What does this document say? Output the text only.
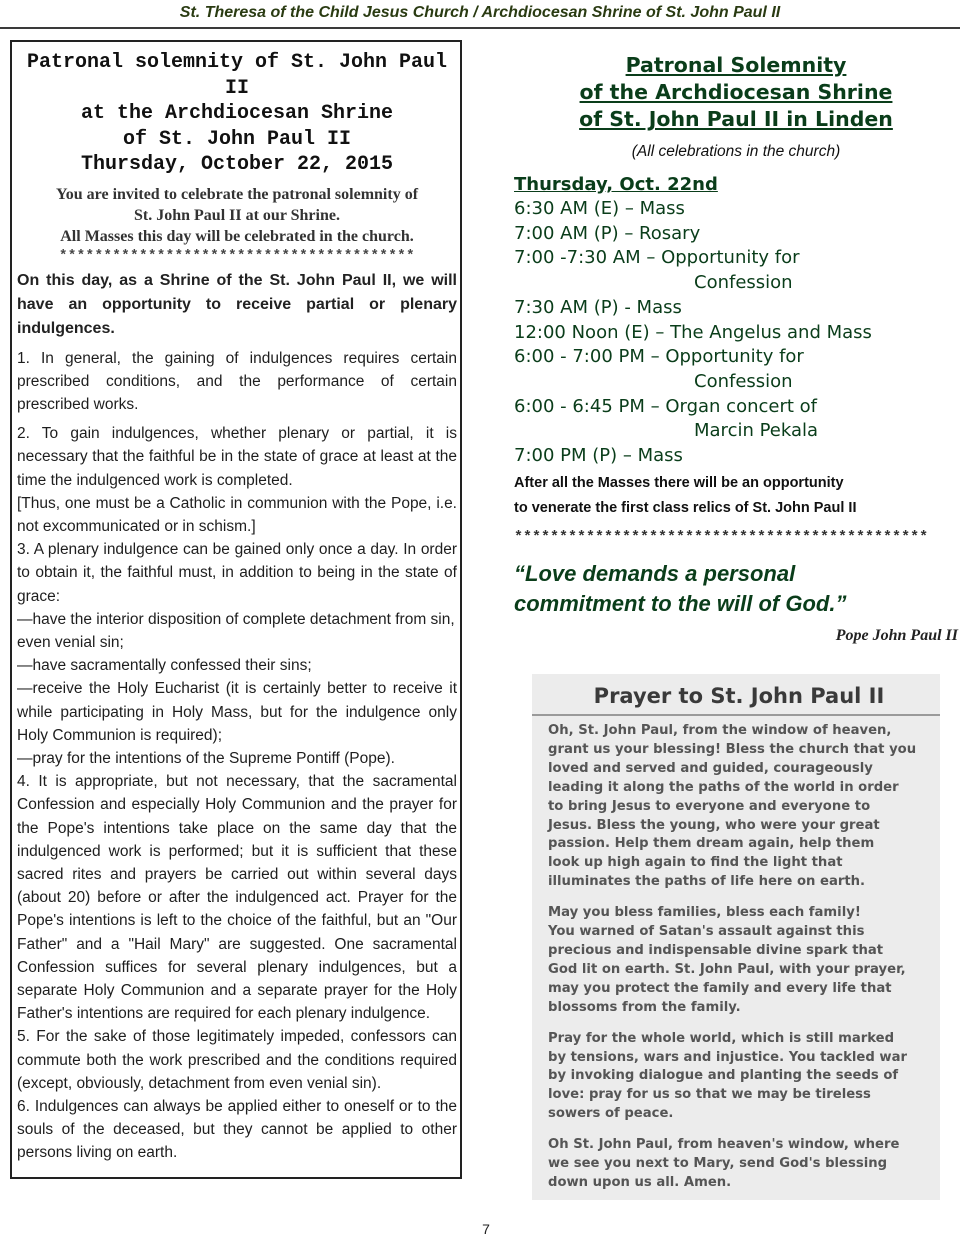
St. Theresa of the Child Jesus Church / Archdiocesan Shrine of St. John Paul II

Patronal solemnity of St. John Paul II

at the Archdiocesan Shrine

of St. John Paul II

Thursday, October 22, 2015

You are invited to celebrate the patronal solemnity of

St. John Paul II at our Shrine.

All Masses this day will be celebrated in the church.

****************************************

On this day, as a Shrine of the St. John Paul II, we will have an opportunity to receive partial or plenary indulgences.

1. In general, the gaining of indulgences requires certain prescribed conditions, and the performance of certain prescribed works.

2. To gain indulgences, whether plenary or partial, it is necessary that the faithful be in the state of grace at least at the time the indulgenced work is completed.

[Thus, one must be a Catholic in communion with the Pope, i.e. not excommunicated or in schism.]

3. A plenary indulgence can be gained only once a day. In order to obtain it, the faithful must, in addition to being in the state of grace:

—have the interior disposition of complete detachment from sin, even venial sin;

—have sacramentally confessed their sins;

—receive the Holy Eucharist (it is certainly better to receive it while participating in Holy Mass, but for the indulgence only Holy Communion is required);

—pray for the intentions of the Supreme Pontiff (Pope).

4. It is appropriate, but not necessary, that the sacramental Confession and especially Holy Communion and the prayer for the Pope's intentions take place on the same day that the indulgenced work is performed; but it is sufficient that these sacred rites and prayers be carried out within several days (about 20) before or after the indulgenced act. Prayer for the Pope's intentions is left to the choice of the faithful, but an "Our Father" and a "Hail Mary" are suggested. One sacramental Confession suffices for several plenary indulgences, but a separate Holy Communion and a separate prayer for the Holy Father's intentions are required for each plenary indulgence.

5. For the sake of those legitimately impeded, confessors can commute both the work prescribed and the conditions required (except, obviously, detachment from even venial sin).

6. Indulgences can always be applied either to oneself or to the souls of the deceased, but they cannot be applied to other persons living on earth.

Patronal Solemnity

of the Archdiocesan Shrine

of St. John Paul II in Linden

(All celebrations in the church)

Thursday, Oct. 22nd

6:30 AM (E) – Mass

7:00 AM (P) – Rosary

7:00 -7:30 AM – Opportunity for

Confession

7:30 AM (P) - Mass

12:00 Noon (E) – The Angelus and Mass

6:00 - 7:00 PM – Opportunity for

Confession

6:00 - 6:45 PM – Organ concert of

Marcin Pekala

7:00 PM (P) – Mass

After all the Masses there will be an opportunity

to venerate the first class relics of St. John Paul II

**********************************************

“Love demands a personal

commitment to the will of God.”

Pope John Paul II

Prayer to St. John Paul II

Oh, St. John Paul, from the window of heaven,
grant us your blessing! Bless the church that you
loved and served and guided, courageously
leading it along the paths of the world in order
to bring Jesus to everyone and everyone to
Jesus. Bless the young, who were your great
passion. Help them dream again, help them
look up high again to find the light that
illuminates the paths of life here on earth.

May you bless families, bless each family!
You warned of Satan's assault against this
precious and indispensable divine spark that
God lit on earth. St. John Paul, with your prayer,
may you protect the family and every life that
blossoms from the family.

Pray for the whole world, which is still marked
by tensions, wars and injustice. You tackled war
by invoking dialogue and planting the seeds of
love: pray for us so that we may be tireless
sowers of peace.

Oh St. John Paul, from heaven's window, where
we see you next to Mary, send God's blessing
down upon us all. Amen.

7
